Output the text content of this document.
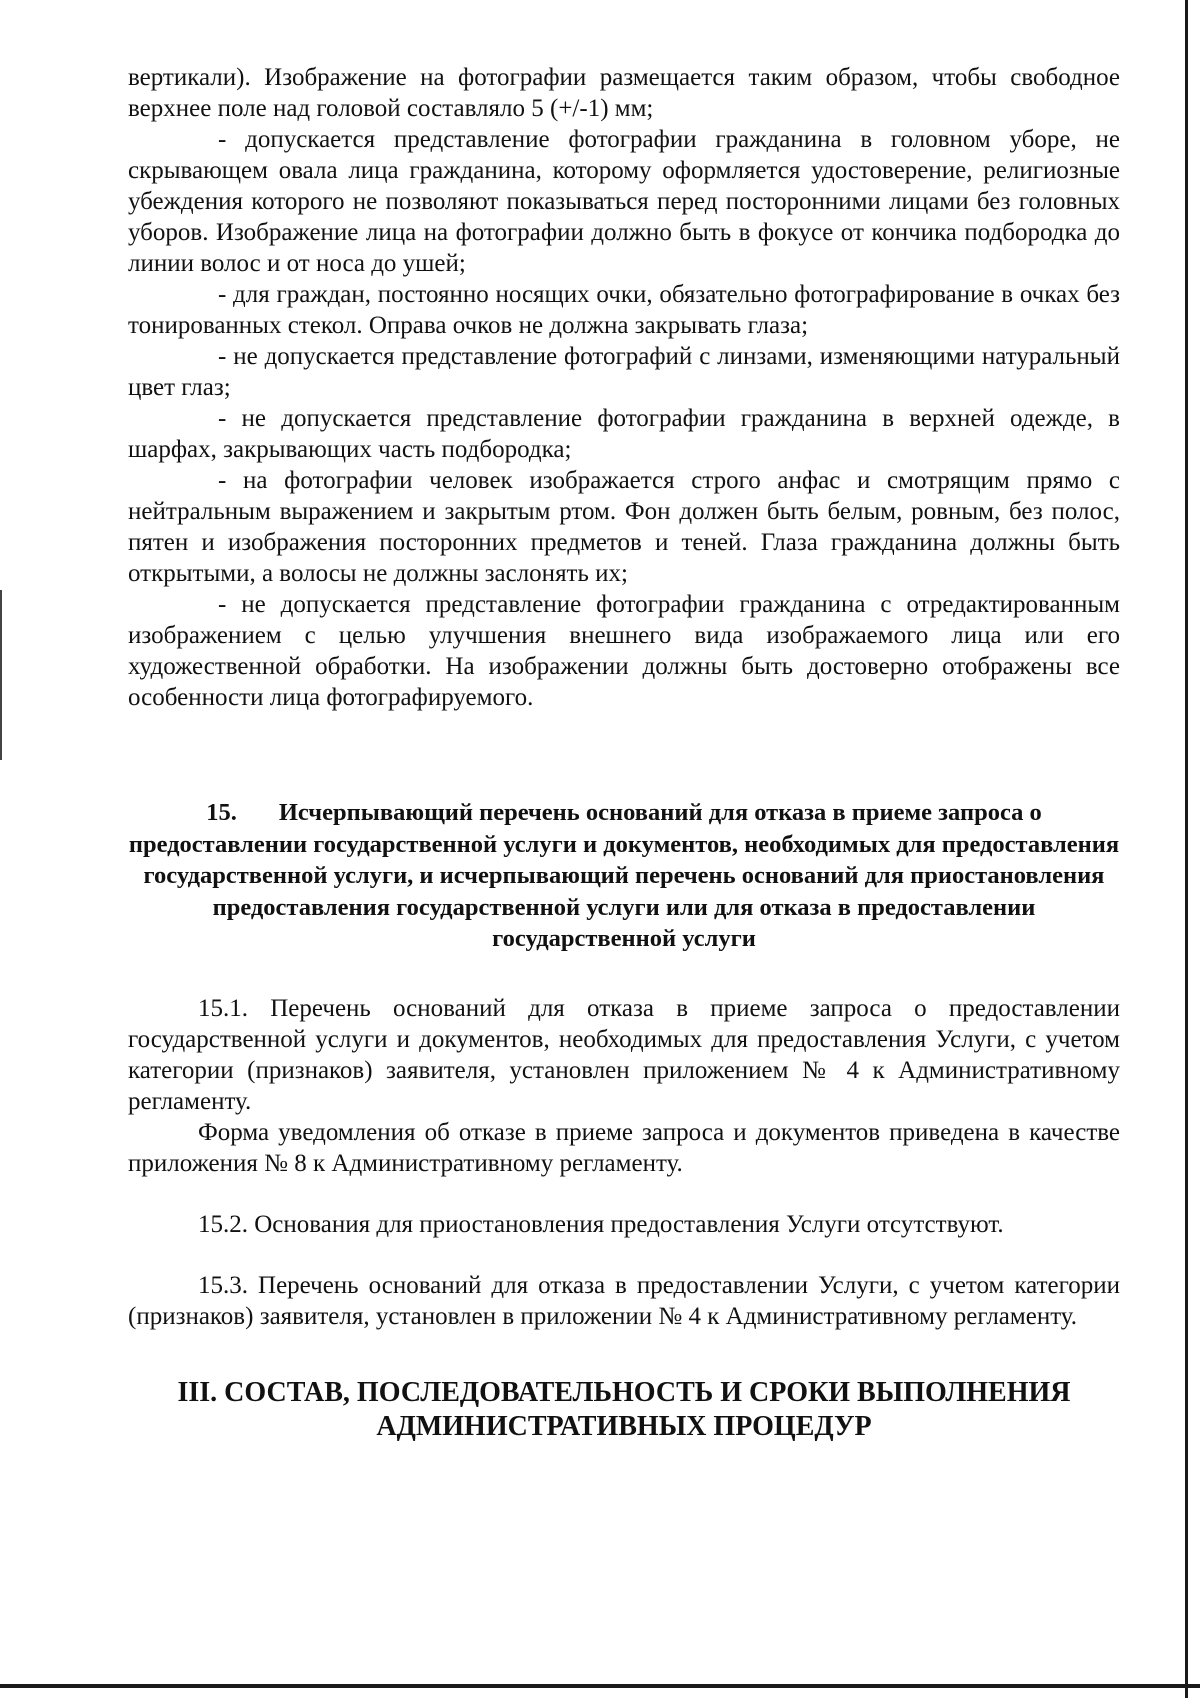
вертикали). Изображение на фотографии размещается таким образом, чтобы свободное верхнее поле над головой составляло 5 (+/-1) мм;

- допускается представление фотографии гражданина в головном уборе, не скрывающем овала лица гражданина, которому оформляется удостоверение, религиозные убеждения которого не позволяют показываться перед посторонними лицами без головных уборов. Изображение лица на фотографии должно быть в фокусе от кончика подбородка до линии волос и от носа до ушей;

- для граждан, постоянно носящих очки, обязательно фотографирование в очках без тонированных стекол. Оправа очков не должна закрывать глаза;

- не допускается представление фотографий с линзами, изменяющими натуральный цвет глаз;

- не допускается представление фотографии гражданина в верхней одежде, в шарфах, закрывающих часть подбородка;

- на фотографии человек изображается строго анфас и смотрящим прямо с нейтральным выражением и закрытым ртом. Фон должен быть белым, ровным, без полос, пятен и изображения посторонних предметов и теней. Глаза гражданина должны быть открытыми, а волосы не должны заслонять их;

- не допускается представление фотографии гражданина с отредактированным изображением с целью улучшения внешнего вида изображаемого лица или его художественной обработки. На изображении должны быть достоверно отображены все особенности лица фотографируемого.

15. Исчерпывающий перечень оснований для отказа в приеме запроса о предоставлении государственной услуги и документов, необходимых для предоставления государственной услуги, и исчерпывающий перечень оснований для приостановления предоставления государственной услуги или для отказа в предоставлении государственной услуги

15.1. Перечень оснований для отказа в приеме запроса о предоставлении государственной услуги и документов, необходимых для предоставления Услуги, с учетом категории (признаков) заявителя, установлен приложением № 4 к Административному регламенту.

Форма уведомления об отказе в приеме запроса и документов приведена в качестве приложения № 8 к Административному регламенту.

15.2. Основания для приостановления предоставления Услуги отсутствуют.

15.3. Перечень оснований для отказа в предоставлении Услуги, с учетом категории (признаков) заявителя, установлен в приложении № 4 к Административному регламенту.

III. СОСТАВ, ПОСЛЕДОВАТЕЛЬНОСТЬ И СРОКИ ВЫПОЛНЕНИЯ
АДМИНИСТРАТИВНЫХ ПРОЦЕДУР
